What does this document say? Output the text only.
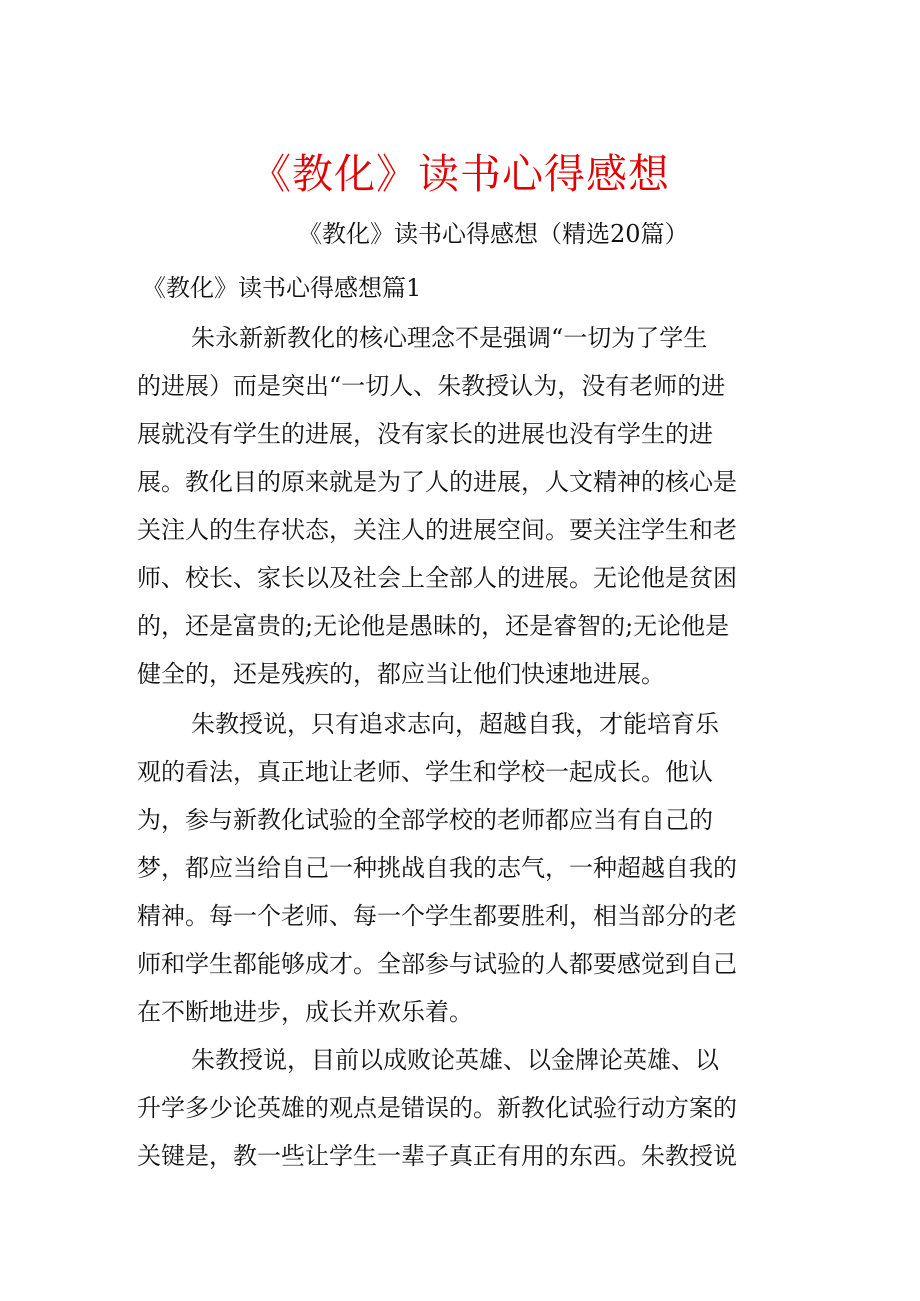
《教化》读书心得感想

《教化》读书心得感想（精选20篇）

《教化》读书心得感想篇1

朱永新新教化的核心理念不是强调“一切为了学生
的进展）而是突出“一切人、朱教授认为，没有老师的进
展就没有学生的进展，没有家长的进展也没有学生的进
展。教化目的原来就是为了人的进展，人文精神的核心是
关注人的生存状态，关注人的进展空间。要关注学生和老
师、校长、家长以及社会上全部人的进展。无论他是贫困
的，还是富贵的;无论他是愚昧的，还是睿智的;无论他是
健全的，还是残疾的，都应当让他们快速地进展。
朱教授说，只有追求志向，超越自我，才能培育乐
观的看法，真正地让老师、学生和学校一起成长。他认
为，参与新教化试验的全部学校的老师都应当有自己的
梦，都应当给自己一种挑战自我的志气，一种超越自我的
精神。每一个老师、每一个学生都要胜利，相当部分的老
师和学生都能够成才。全部参与试验的人都要感觉到自己
在不断地进步，成长并欢乐着。
朱教授说，目前以成败论英雄、以金牌论英雄、以
升学多少论英雄的观点是错误的。新教化试验行动方案的
关键是，教一些让学生一辈子真正有用的东西。朱教授说
